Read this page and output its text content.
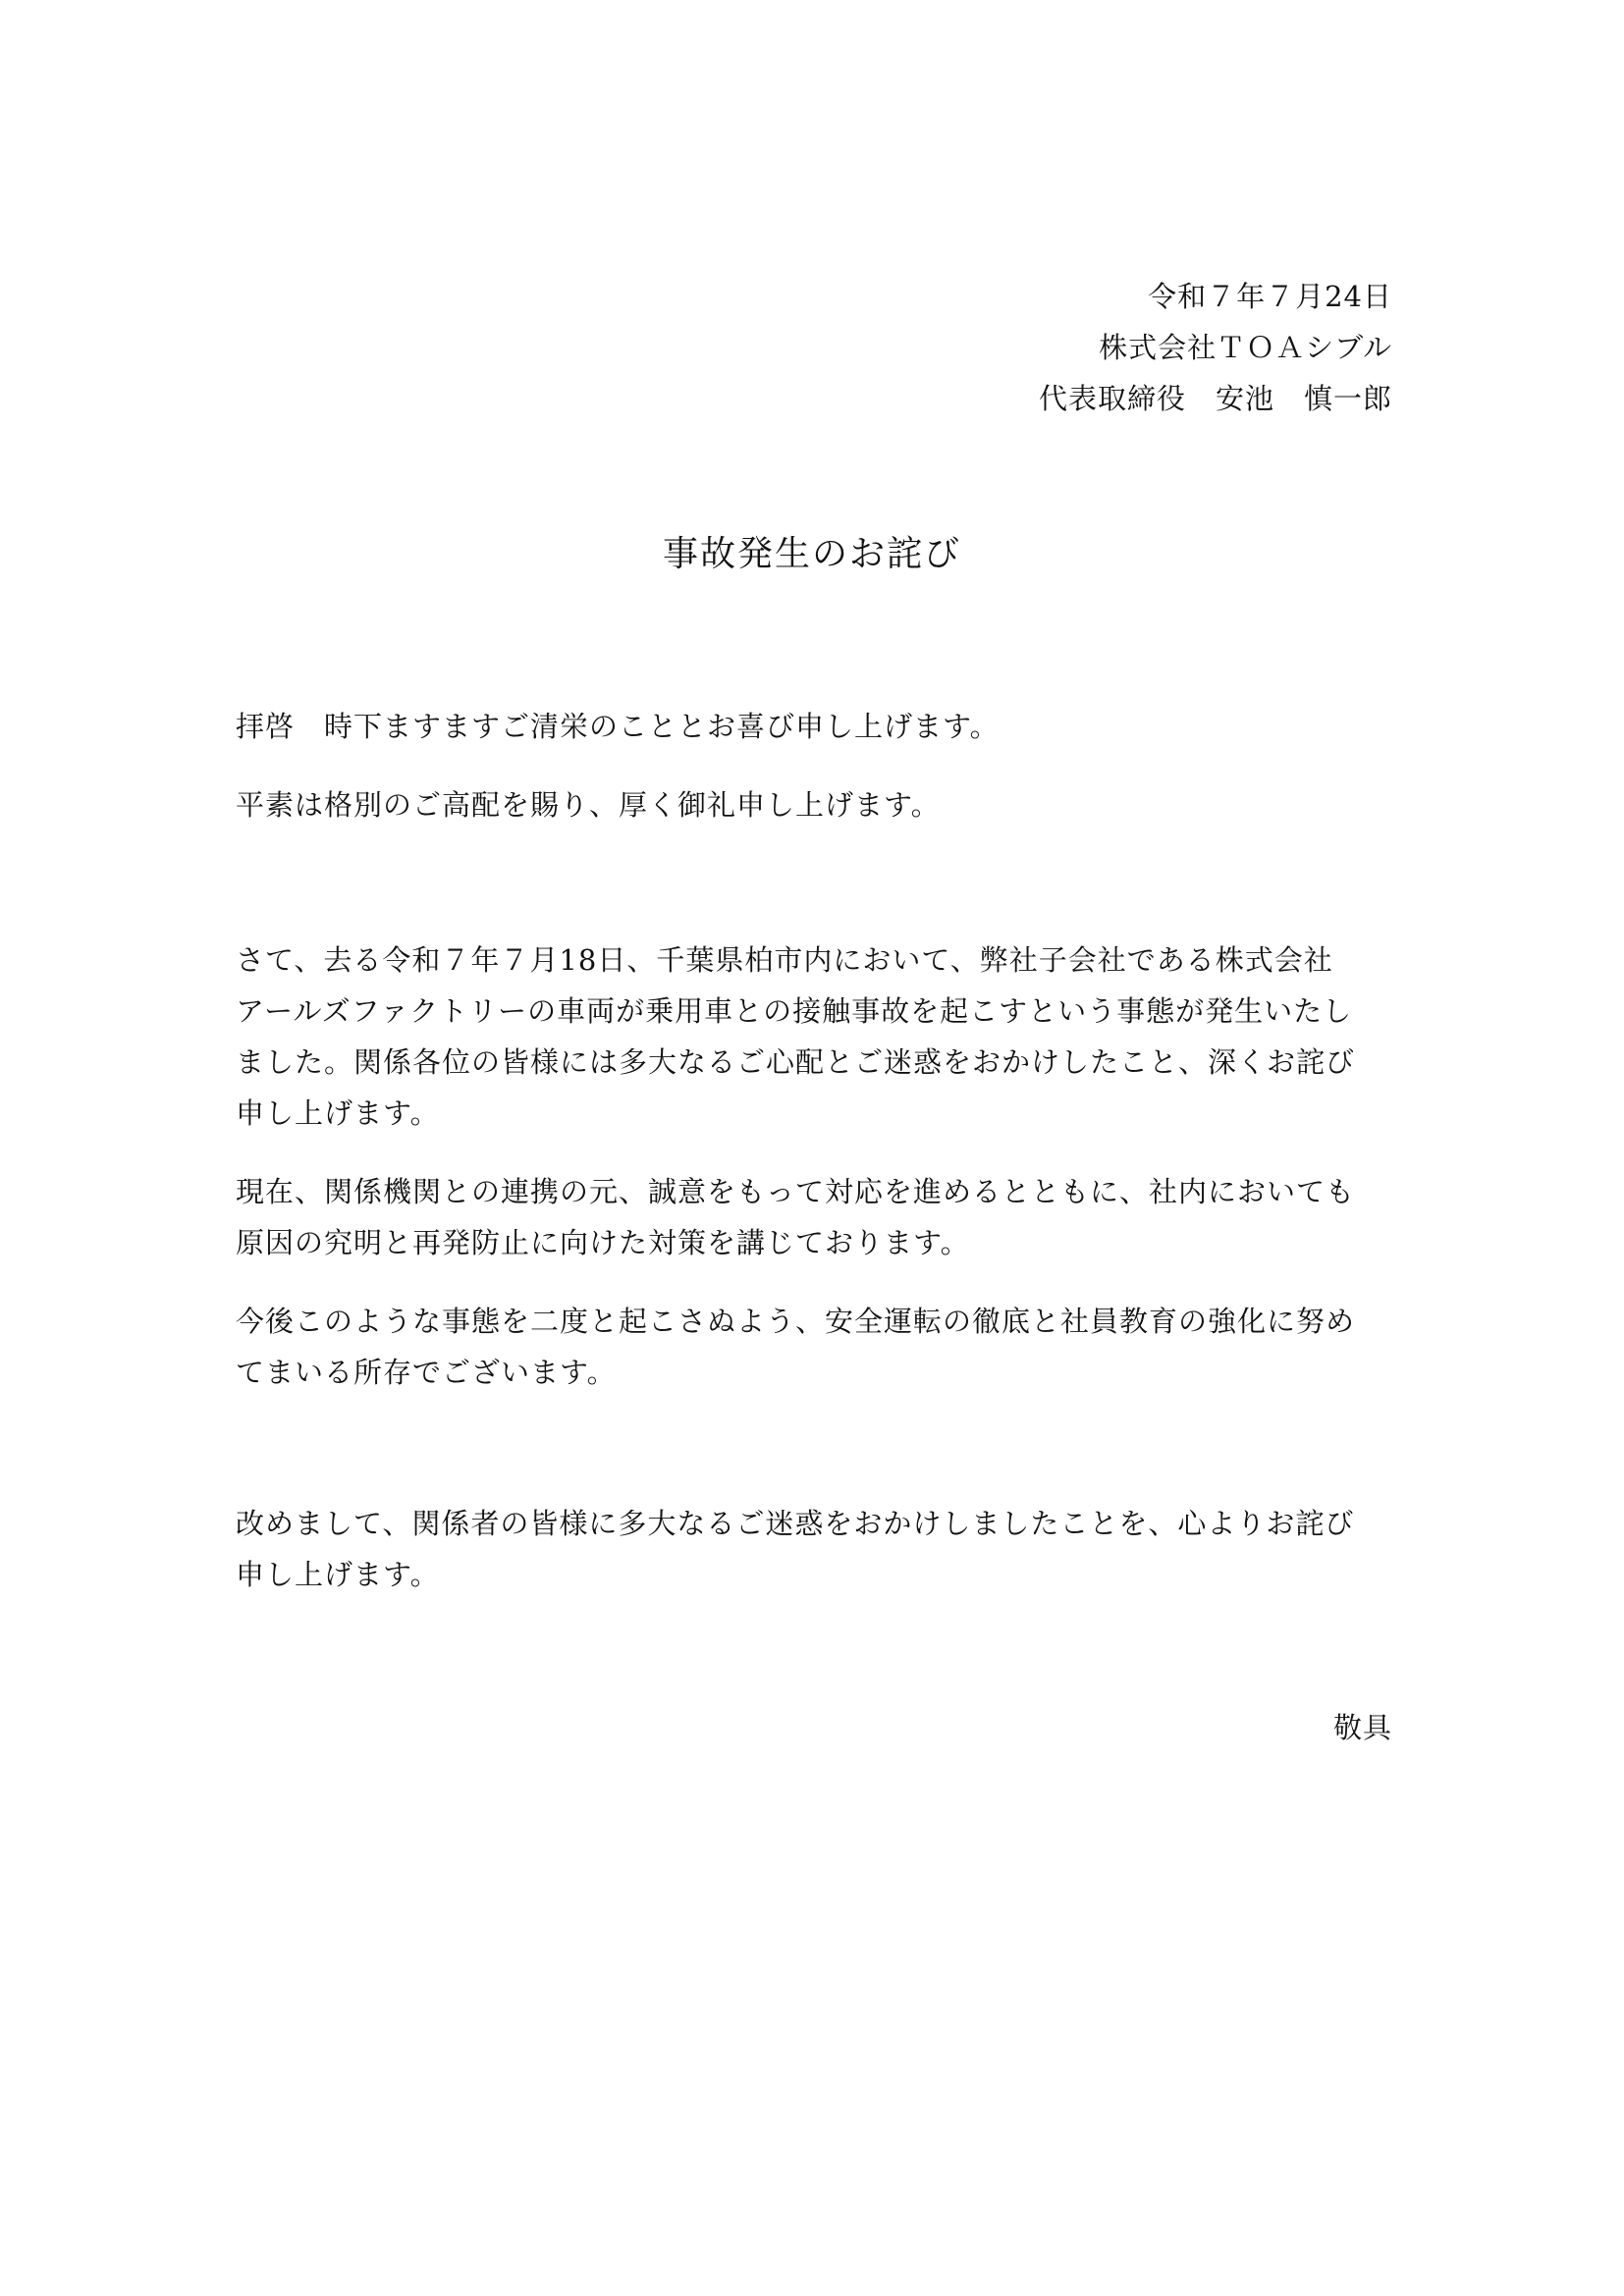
令和７年７月24日
株式会社ＴＯＡシブル
代表取締役　安池　慎一郎
事故発生のお詫び
拝啓　時下ますますご清栄のこととお喜び申し上げます。
平素は格別のご高配を賜り、厚く御礼申し上げます。
さて、去る令和７年７月18日、千葉県柏市内において、弊社子会社である株式会社
アールズファクトリーの車両が乗用車との接触事故を起こすという事態が発生いたし
ました。関係各位の皆様には多大なるご心配とご迷惑をおかけしたこと、深くお詫び
申し上げます。
現在、関係機関との連携の元、誠意をもって対応を進めるとともに、社内においても
原因の究明と再発防止に向けた対策を講じております。
今後このような事態を二度と起こさぬよう、安全運転の徹底と社員教育の強化に努め
てまいる所存でございます。
改めまして、関係者の皆様に多大なるご迷惑をおかけしましたことを、心よりお詫び
申し上げます。
敬具
